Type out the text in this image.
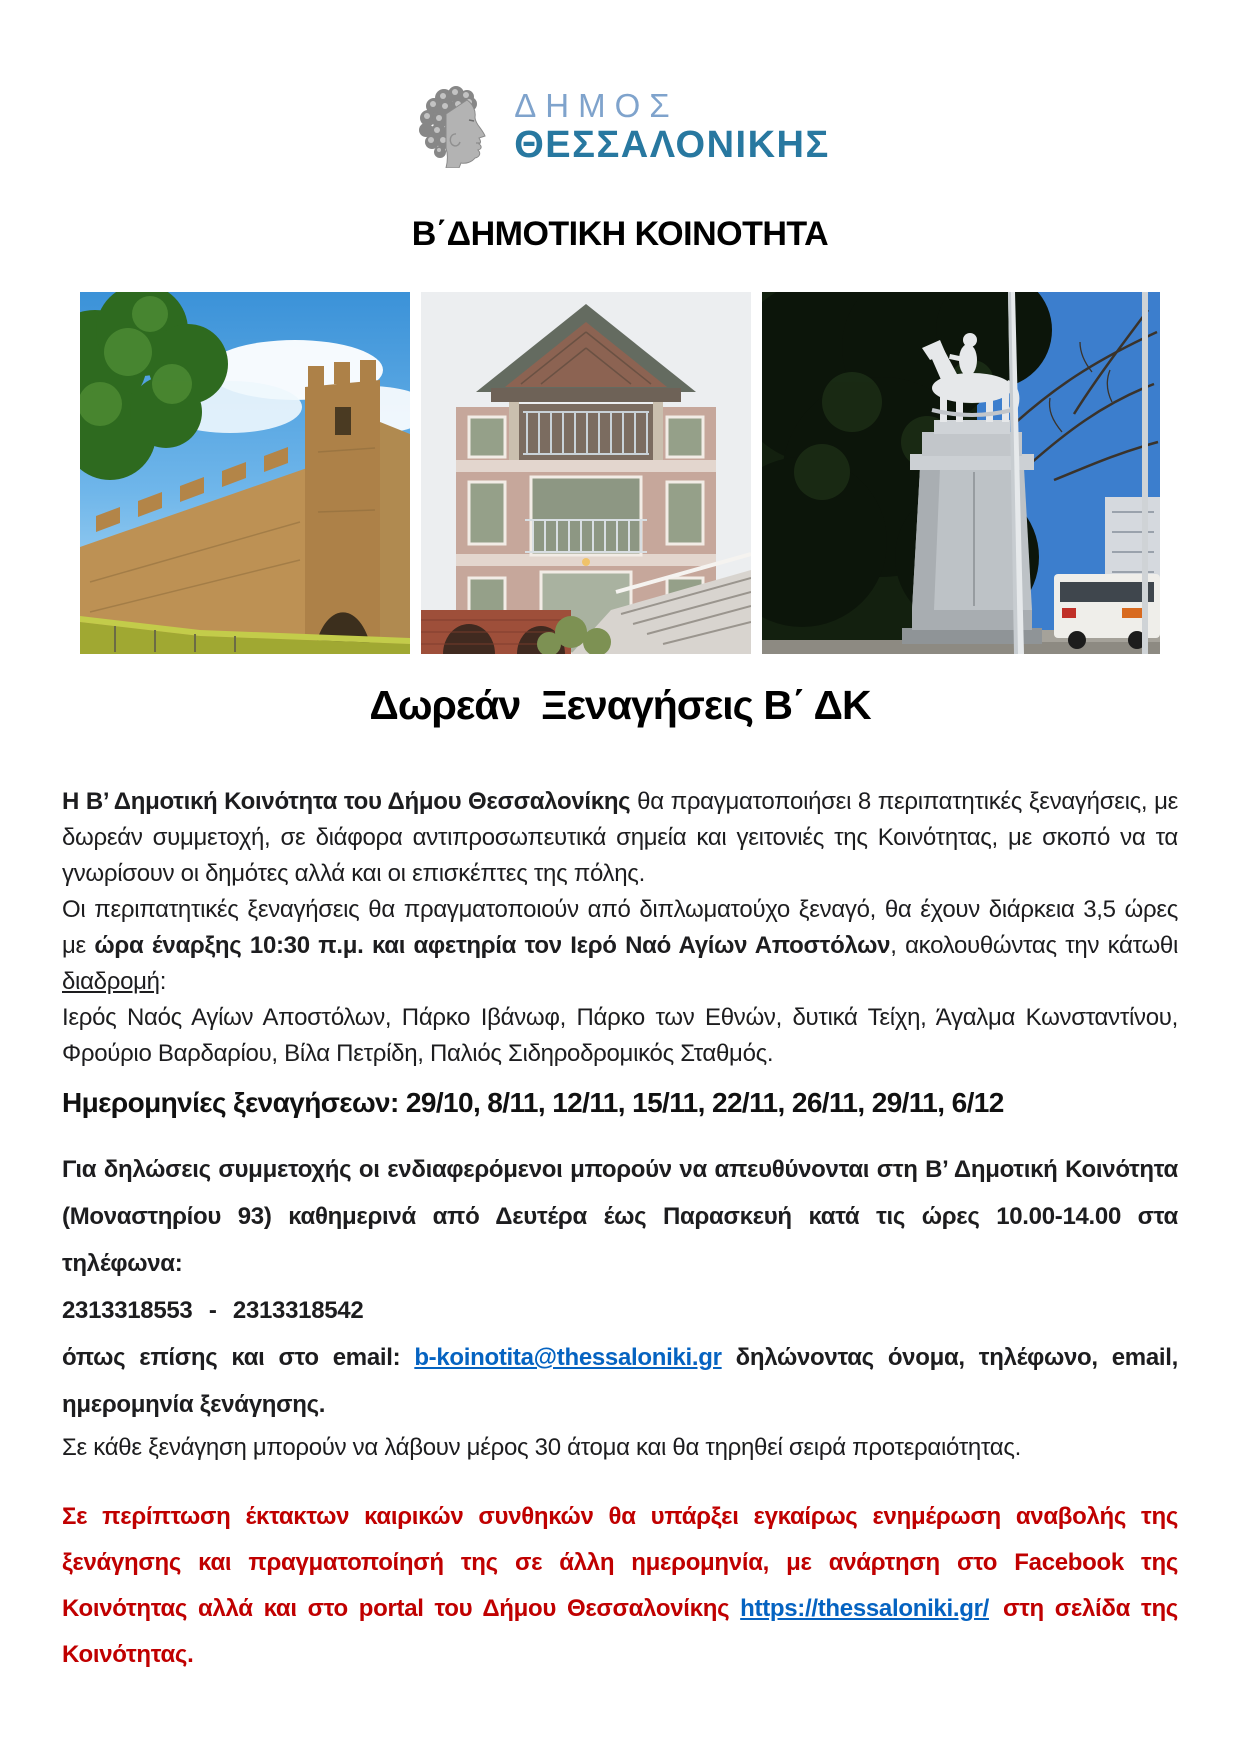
ΔΗΜΟΣ
ΘΕΣΣΑΛΟΝΙΚΗΣ
Β΄ΔΗΜΟΤΙΚΗ ΚΟΙΝΟΤΗΤΑ
Δωρεάν  Ξεναγήσεις Β΄ ΔΚ

Η Β’ Δημοτική Κοινότητα του Δήμου Θεσσαλονίκης θα πραγματοποιήσει 8 περιπατητικές ξεναγήσεις, με δωρεάν συμμετοχή, σε διάφορα αντιπροσωπευτικά σημεία και γειτονιές της Κοινότητας, με σκοπό να τα γνωρίσουν οι δημότες αλλά και οι επισκέπτες της πόλης.

Οι περιπατητικές ξεναγήσεις θα πραγματοποιούν από διπλωματούχο ξεναγό, θα έχουν διάρκεια 3,5 ώρες με ώρα έναρξης 10:30 π.μ. και αφετηρία τον Ιερό Ναό Αγίων Αποστόλων, ακολουθώντας την κάτωθι διαδρομή:

Ιερός Ναός Αγίων Αποστόλων, Πάρκο Ιβάνωφ, Πάρκο των Εθνών, δυτικά Τείχη, Άγαλμα Κωνσταντίνου, Φρούριο Βαρδαρίου, Βίλα Πετρίδη, Παλιός Σιδηροδρομικός Σταθμός.

Ημερομηνίες ξεναγήσεων: 29/10, 8/11, 12/11, 15/11, 22/11, 26/11, 29/11, 6/12

Για δηλώσεις συμμετοχής οι ενδιαφερόμενοι μπορούν να απευθύνονται στη Β’ Δημοτική Κοινότητα (Μοναστηρίου 93) καθημερινά από Δευτέρα έως Παρασκευή κατά τις ώρες 10.00-14.00 στα τηλέφωνα:

2313318553 - 2313318542

όπως επίσης και στο email: b-koinotita@thessaloniki.gr δηλώνοντας όνομα, τηλέφωνο, email, ημερομηνία ξενάγησης.

Σε κάθε ξενάγηση μπορούν να λάβουν μέρος 30 άτομα και θα τηρηθεί σειρά προτεραιότητας.

Σε περίπτωση έκτακτων καιρικών συνθηκών θα υπάρξει εγκαίρως ενημέρωση αναβολής της ξενάγησης και πραγματοποίησή της σε άλλη ημερομηνία, με ανάρτηση στο Facebook της Κοινότητας αλλά και στο portal του Δήμου Θεσσαλονίκης https://thessaloniki.gr/ στη σελίδα της Κοινότητας.
